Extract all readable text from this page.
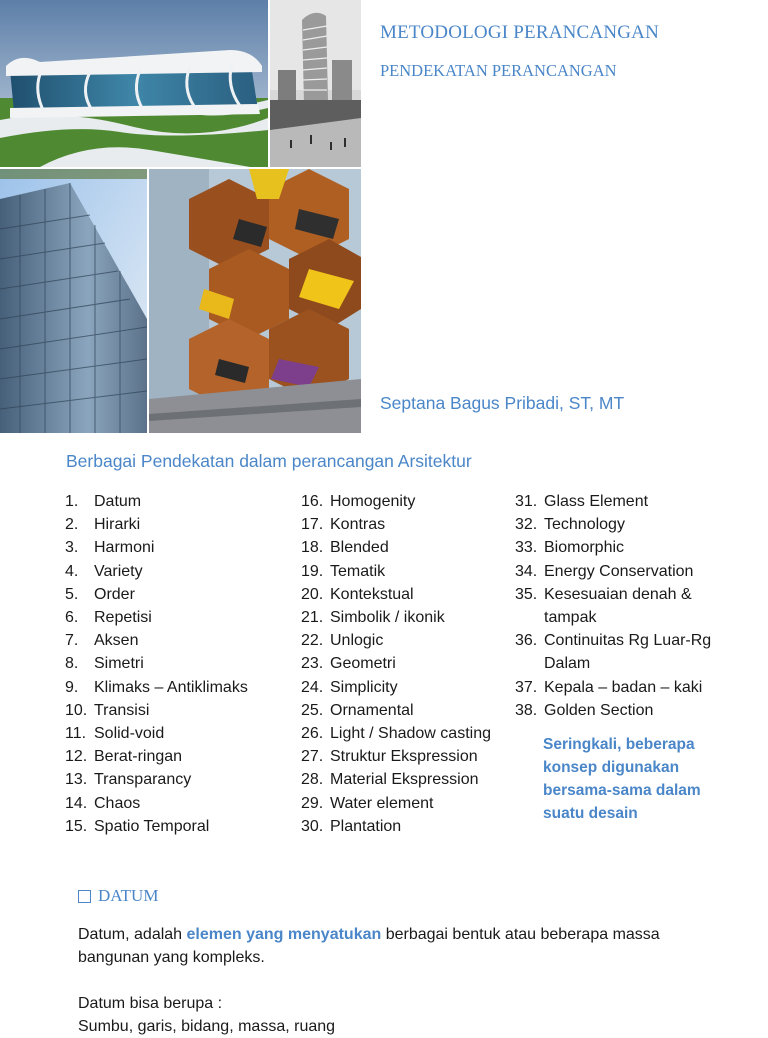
METODOLOGI PERANCANGAN
PENDEKATAN PERANCANGAN
Septana Bagus Pribadi, ST, MT
Berbagai Pendekatan dalam perancangan Arsitektur
1. Datum
2. Hirarki
3. Harmoni
4. Variety
5. Order
6. Repetisi
7. Aksen
8. Simetri
9. Klimaks – Antiklimaks
10. Transisi
11. Solid-void
12. Berat-ringan
13. Transparancy
14. Chaos
15. Spatio Temporal
16. Homogenity
17. Kontras
18. Blended
19. Tematik
20. Kontekstual
21. Simbolik / ikonik
22. Unlogic
23. Geometri
24. Simplicity
25. Ornamental
26. Light / Shadow casting
27. Struktur Ekspression
28. Material Ekspression
29. Water element
30. Plantation
31. Glass Element
32. Technology
33. Biomorphic
34. Energy Conservation
35. Kesesuaian denah & tampak
36. Continuitas Rg Luar-Rg Dalam
37. Kepala – badan – kaki
38. Golden Section
Seringkali, beberapa konsep digunakan bersama-sama dalam suatu desain
DATUM
Datum, adalah elemen yang menyatukan berbagai bentuk atau beberapa massa bangunan yang kompleks.
Datum bisa berupa :
Sumbu, garis, bidang, massa, ruang
